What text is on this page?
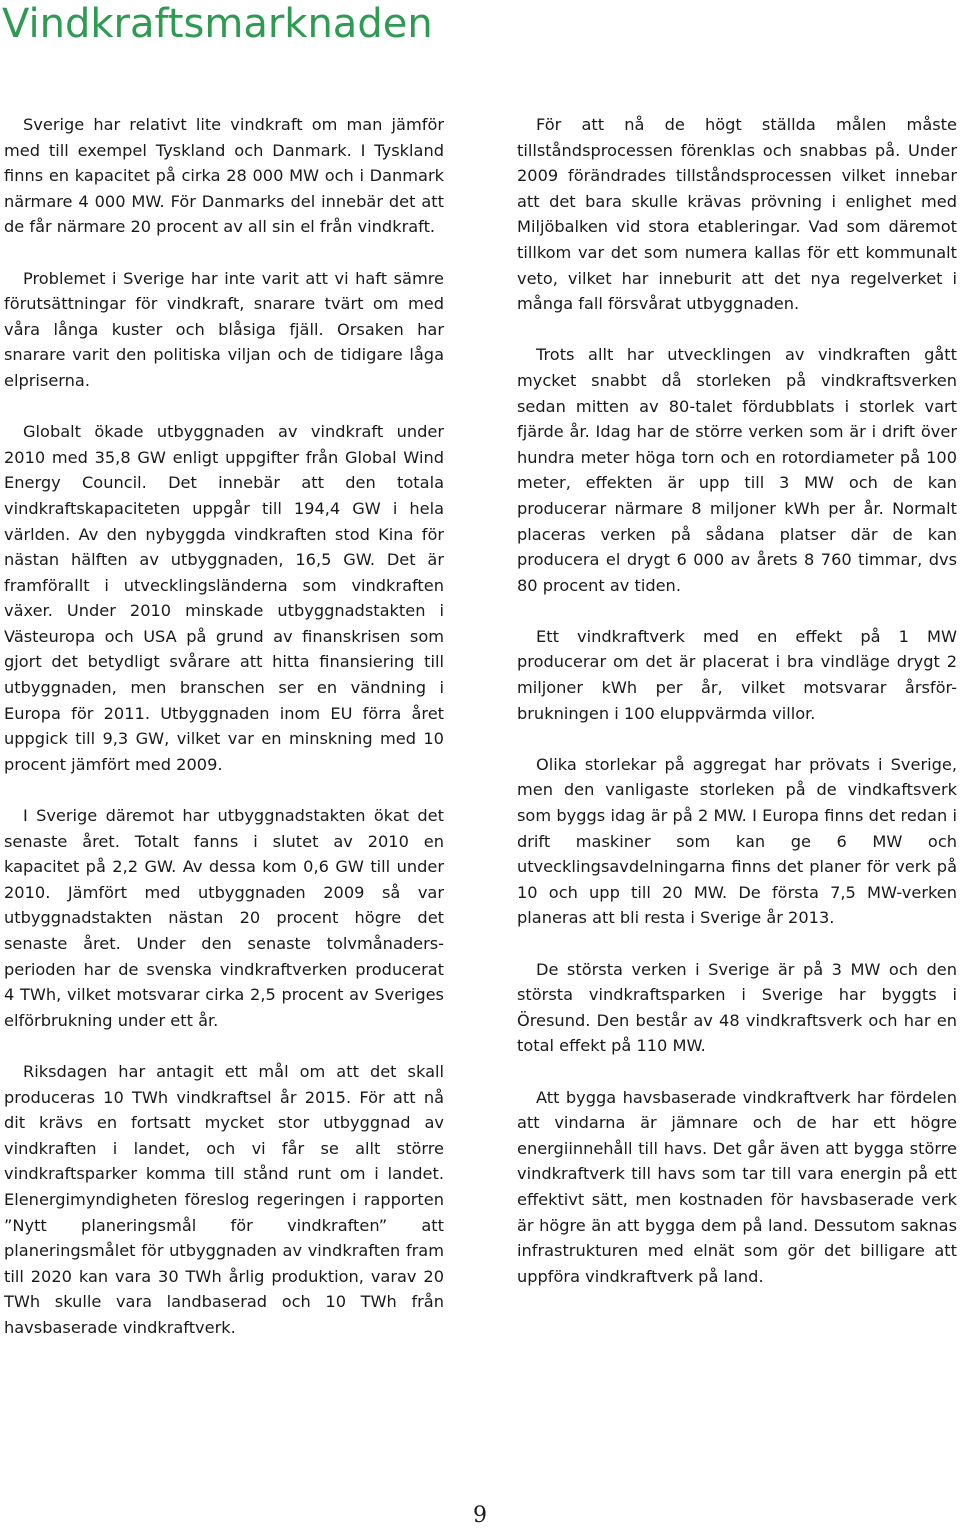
Vindkraftsmarknaden

Sverige har relativt lite vindkraft om man jämför med till exempel Tyskland och Danmark. I Tyskland finns en kapacitet på cirka 28 000 MW och i Danmark närmare 4 000 MW. För Danmarks del innebär det att de får närmare 20 procent av all sin el från vindkraft.

Problemet i Sverige har inte varit att vi haft sämre förutsättningar för vindkraft, snarare tvärt om med våra långa kuster och blåsiga fjäll. Orsaken har snarare varit den politiska viljan och de tidigare låga elpriserna.

Globalt ökade utbyggnaden av vindkraft under 2010 med 35,8 GW enligt uppgifter från Global Wind Energy Council. Det innebär att den totala vindkraftskapaciteten uppgår till 194,4 GW i hela världen. Av den nybyggda vindkraften stod Kina för nästan hälften av utbyggnaden, 16,5 GW. Det är framförallt i utvecklingsländerna som vindkraften växer. Under 2010 minskade utbyggnadstakten i Västeuropa och USA på grund av finanskrisen som gjort det betydligt svårare att hitta finansiering till utbyggnaden, men branschen ser en vändning i Europa för 2011. Utbyggnaden inom EU förra året uppgick till 9,3 GW, vilket var en minskning med 10 procent jämfört med 2009.

I Sverige däremot har utbyggnadstakten ökat det senaste året. Totalt fanns i slutet av 2010 en kapacitet på 2,2 GW. Av dessa kom 0,6 GW till under 2010. Jämfört med utbyggnaden 2009 så var utbyggnadstakten nästan 20 procent högre det senaste året. Under den senaste tolvmånaders-perioden har de svenska vindkraftverken producerat 4 TWh, vilket motsvarar cirka 2,5 procent av Sveriges elförbrukning under ett år.

Riksdagen har antagit ett mål om att det skall produceras 10 TWh vindkraftsel år 2015. För att nå dit krävs en fortsatt mycket stor utbyggnad av vindkraften i landet, och vi får se allt större vindkraftsparker komma till stånd runt om i landet. Elenergimyndigheten föreslog regeringen i rapporten ”Nytt planeringsmål för vindkraften” att planeringsmålet för utbyggnaden av vindkraften fram till 2020 kan vara 30 TWh årlig produktion, varav 20 TWh skulle vara landbaserad och 10 TWh från havsbaserade vindkraftverk.

För att nå de högt ställda målen måste tillståndsprocessen förenklas och snabbas på. Under 2009 förändrades tillståndsprocessen vilket innebar att det bara skulle krävas prövning i enlighet med Miljöbalken vid stora etableringar. Vad som däremot tillkom var det som numera kallas för ett kommunalt veto, vilket har inneburit att det nya regelverket i många fall försvårat utbyggnaden.

Trots allt har utvecklingen av vindkraften gått mycket snabbt då storleken på vindkraftsverken sedan mitten av 80-talet fördubblats i storlek vart fjärde år. Idag har de större verken som är i drift över hundra meter höga torn och en rotordiameter på 100 meter, effekten är upp till 3 MW och de kan producerar närmare 8 miljoner kWh per år. Normalt placeras verken på sådana platser där de kan producera el drygt 6 000 av årets 8 760 timmar, dvs 80 procent av tiden.

Ett vindkraftverk med en effekt på 1 MW producerar om det är placerat i bra vindläge drygt 2 miljoner kWh per år, vilket motsvarar årsför-brukningen i 100 eluppvärmda villor.

Olika storlekar på aggregat har prövats i Sverige, men den vanligaste storleken på de vindkaftsverk som byggs idag är på 2 MW. I Europa finns det redan i drift maskiner som kan ge 6 MW och utvecklingsavdelningarna finns det planer för verk på 10 och upp till 20 MW. De första 7,5 MW-verken planeras att bli resta i Sverige år 2013.

De största verken i Sverige är på 3 MW och den största vindkraftsparken i Sverige har byggts i Öresund. Den består av 48 vindkraftsverk och har en total effekt på 110 MW.

Att bygga havsbaserade vindkraftverk har fördelen att vindarna är jämnare och de har ett högre energiinnehåll till havs. Det går även att bygga större vindkraftverk till havs som tar till vara energin på ett effektivt sätt, men kostnaden för havsbaserade verk är högre än att bygga dem på land. Dessutom saknas infrastrukturen med elnät som gör det billigare att uppföra vindkraftverk på land.

9
